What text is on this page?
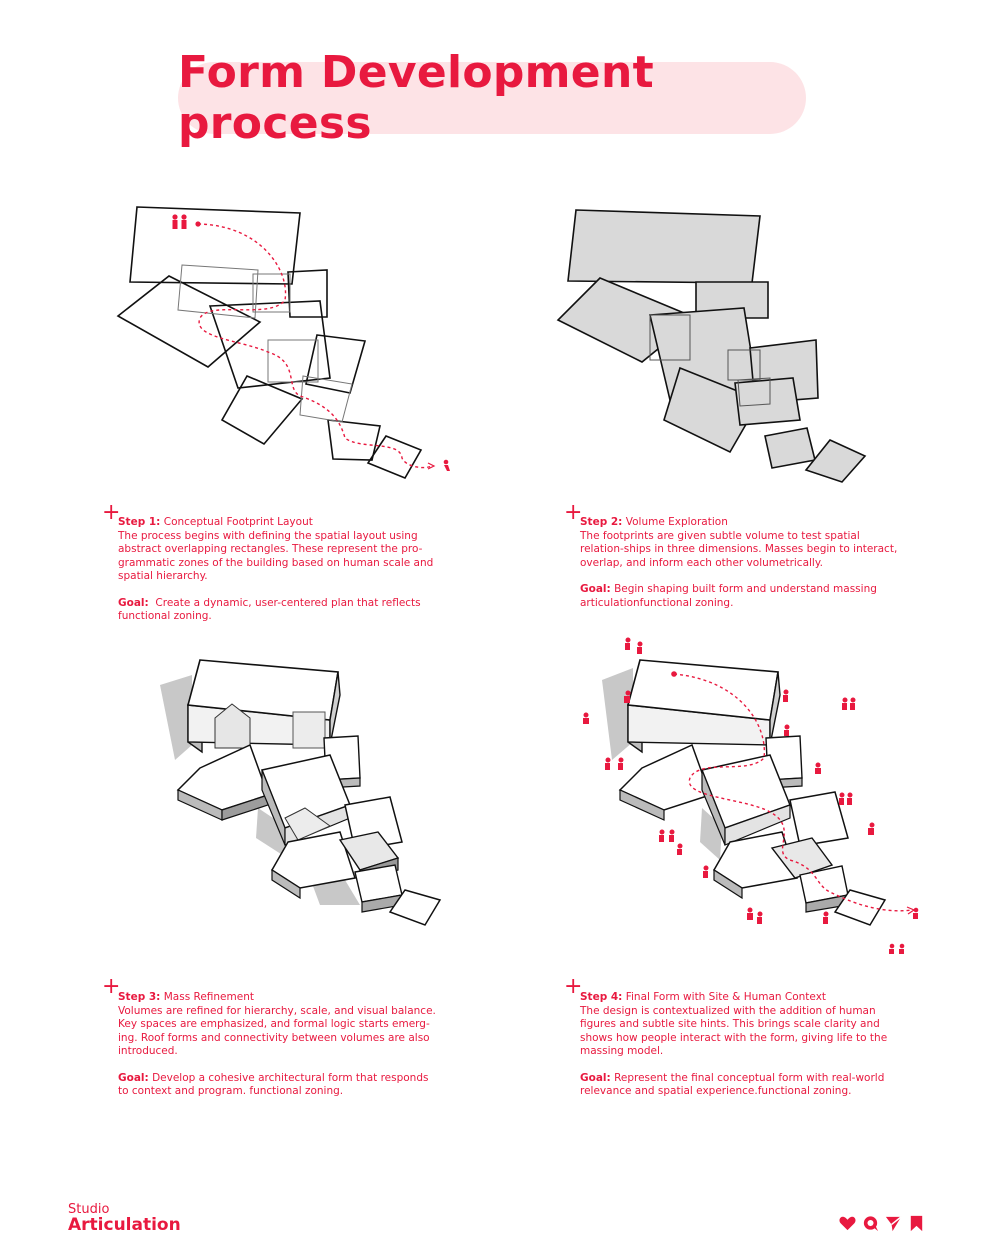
Form Development process
+

Step 1: Conceptual Footprint Layout

The process begins with defining the spatial layout using abstract overlapping rectangles. These represent the pro-grammatic zones of the building based on human scale and spatial hierarchy.

Goal: Create a dynamic, user-centered plan that reflects functional zoning.

+

Step 2: Volume Exploration

The footprints are given subtle volume to test spatial relation-ships in three dimensions. Masses begin to interact, overlap, and inform each other volumetrically.

Goal: Begin shaping built form and understand massing articulationfunctional zoning.

+

Step 3: Mass Refinement

Volumes are refined for hierarchy, scale, and visual balance. Key spaces are emphasized, and formal logic starts emerg-ing. Roof forms and connectivity between volumes are also introduced.

Goal: Develop a cohesive architectural form that responds to context and program. functional zoning.

+

Step 4: Final Form with Site & Human Context

The design is contextualized with the addition of human figures and subtle site hints. This brings scale clarity and shows how people interact with the form, giving life to the massing model.

Goal: Represent the final conceptual form with real-world relevance and spatial experience.functional zoning.

Studio
Articulation
